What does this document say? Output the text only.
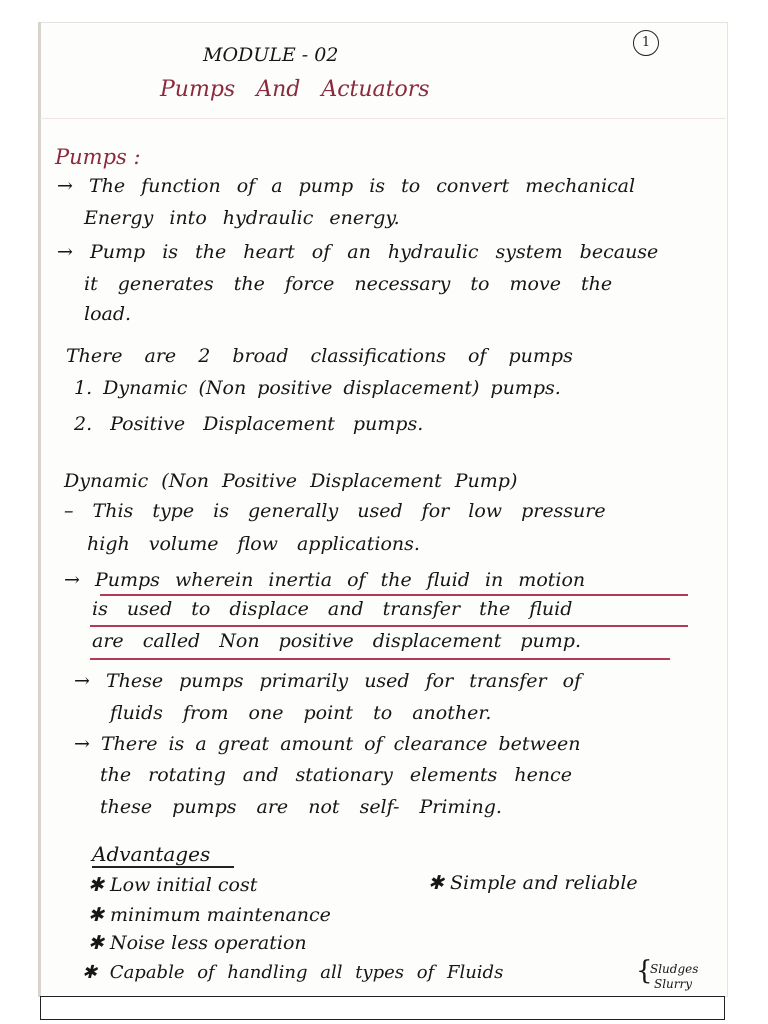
1
MODULE - 02
Pumps And Actuators
Pumps :
→ The function of a pump is to convert mechanical
Energy into hydraulic energy.
→ Pump is the heart of an hydraulic system because
it generates the force necessary to move the
load.
There are 2 broad classifications of pumps
1. Dynamic (Non positive displacement) pumps.
2. Positive Displacement pumps.
Dynamic (Non Positive Displacement Pump)
– This type is generally used for low pressure
high volume flow applications.
→ Pumps wherein inertia of the fluid in motion
is used to displace and transfer the fluid
are called Non positive displacement pump.
→ These pumps primarily used for transfer of
fluids from one point to another.
→ There is a great amount of clearance between
the rotating and stationary elements hence
these pumps are not self- Priming.
Advantages
✱ Low initial cost	✱ Simple and reliable
✱ minimum maintenance
✱ Noise less operation
✱ Capable of handling all types of Fluids	{
Sludges
Slurry
